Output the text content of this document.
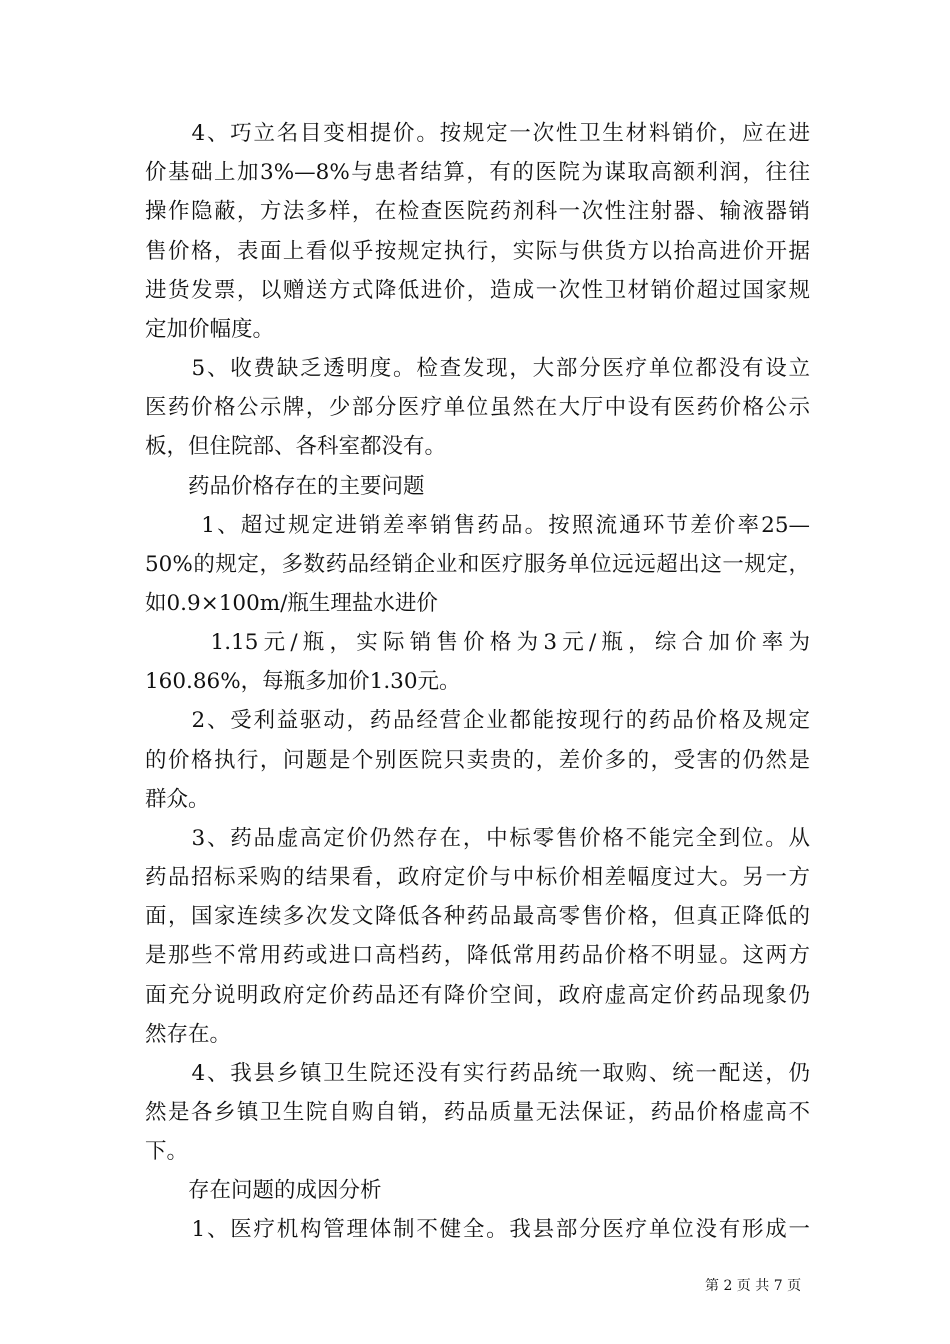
　　4、巧立名目变相提价。按规定一次性卫生材料销价，应在进
价基础上加3%—8%与患者结算，有的医院为谋取高额利润，往往
操作隐蔽，方法多样，在检查医院药剂科一次性注射器、输液器销
售价格，表面上看似乎按规定执行，实际与供货方以抬高进价开据
进货发票，以赠送方式降低进价，造成一次性卫材销价超过国家规
定加价幅度。
　　5、收费缺乏透明度。检查发现，大部分医疗单位都没有设立
医药价格公示牌，少部分医疗单位虽然在大厅中设有医药价格公示
板，但住院部、各科室都没有。
　　药品价格存在的主要问题
　　 1、超过规定进销差率销售药品。按照流通环节差价率25—
50%的规定，多数药品经销企业和医疗服务单位远远超出这一规定，
如0.9×100m/瓶生理盐水进价
　　 1.15元/瓶，实际销售价格为3元/瓶，综合加价率为
160.86%，每瓶多加价1.30元。
　　2、受利益驱动，药品经营企业都能按现行的药品价格及规定
的价格执行，问题是个别医院只卖贵的，差价多的，受害的仍然是
群众。
　　3、药品虚高定价仍然存在，中标零售价格不能完全到位。从
药品招标采购的结果看，政府定价与中标价相差幅度过大。另一方
面，国家连续多次发文降低各种药品最高零售价格，但真正降低的
是那些不常用药或进口高档药，降低常用药品价格不明显。这两方
面充分说明政府定价药品还有降价空间，政府虚高定价药品现象仍
然存在。
　　4、我县乡镇卫生院还没有实行药品统一取购、统一配送，仍
然是各乡镇卫生院自购自销，药品质量无法保证，药品价格虚高不
下。
　　存在问题的成因分析
　　1、医疗机构管理体制不健全。我县部分医疗单位没有形成一
第 2 页 共 7 页
